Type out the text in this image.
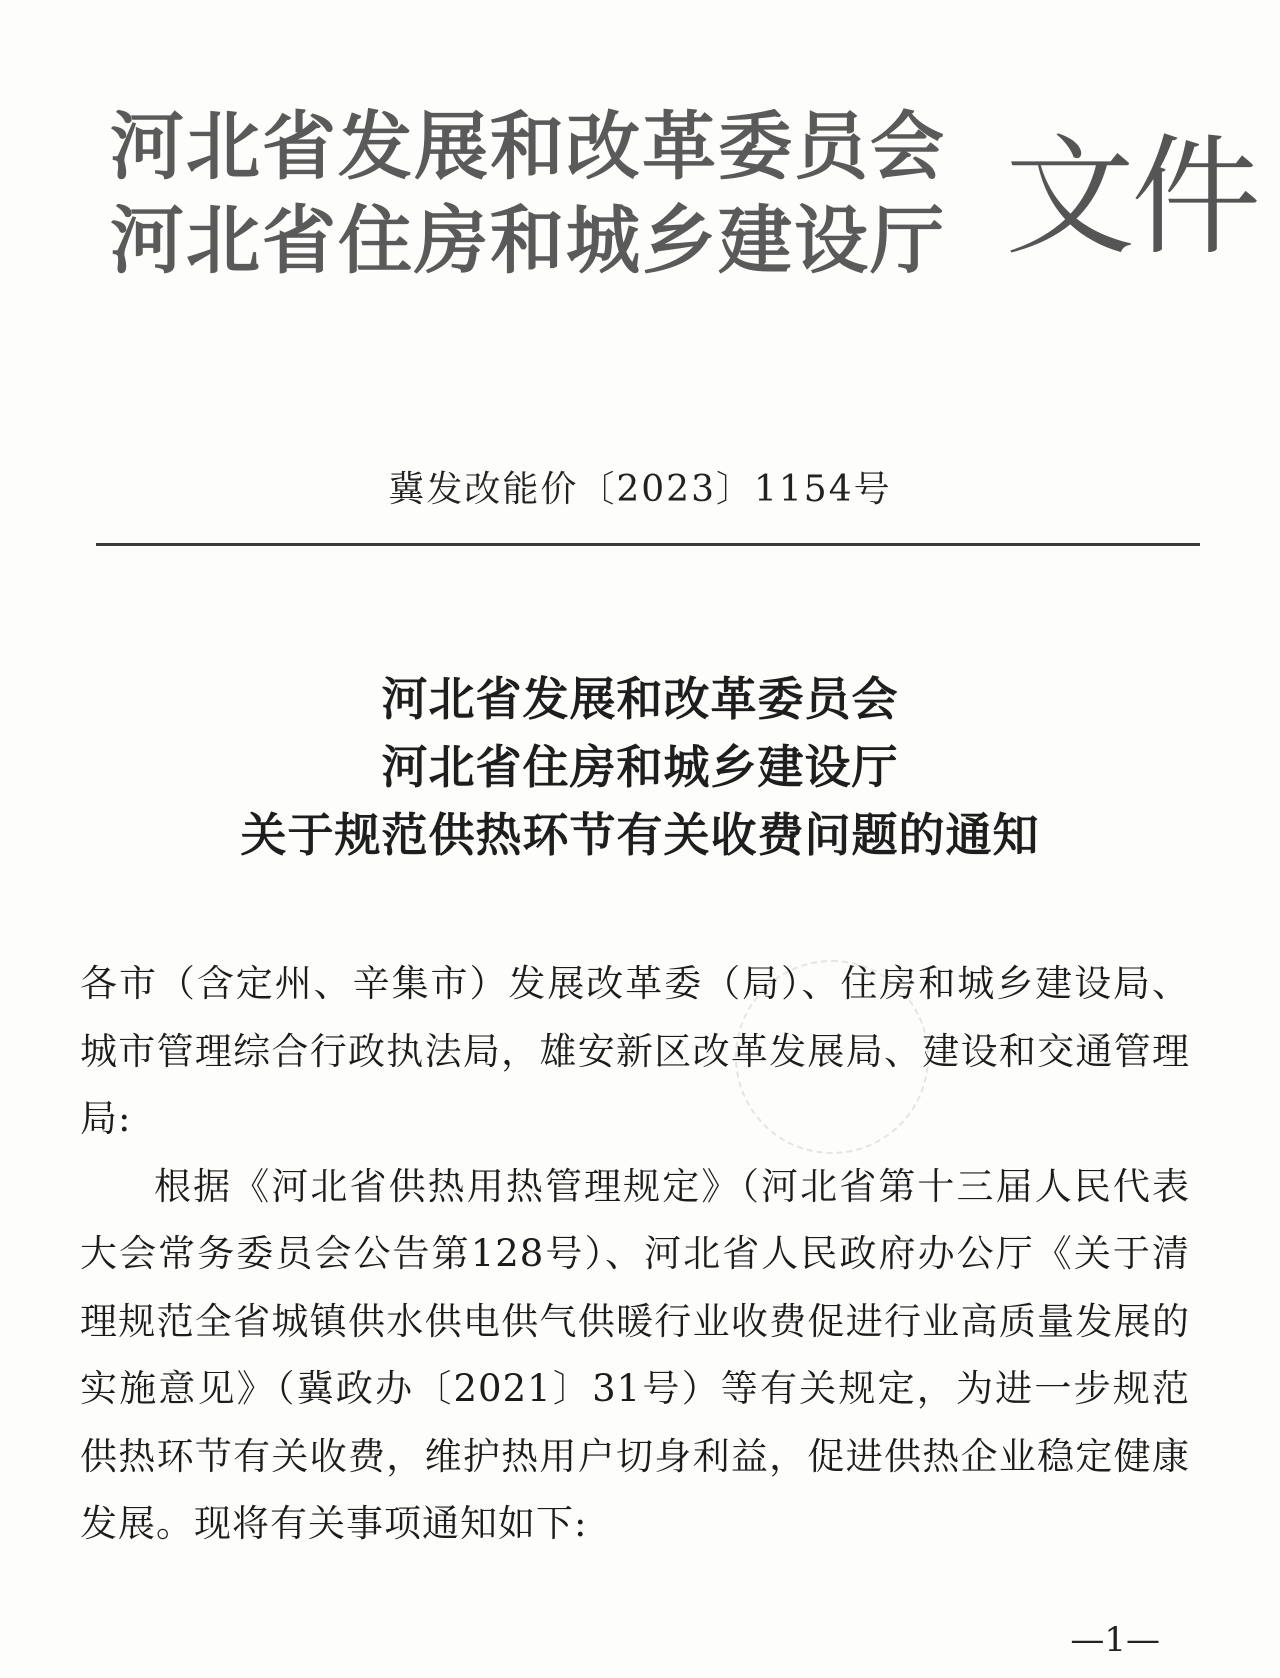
河北省发展和改革委员会
河北省住房和城乡建设厅 文件
冀发改能价〔2023〕1154号
河北省发展和改革委员会
河北省住房和城乡建设厅
关于规范供热环节有关收费问题的通知

各市（含定州、辛集市）发展改革委（局）、住房和城乡建设局、城市管理综合行政执法局，雄安新区改革发展局、建设和交通管理局:

根据《河北省供热用热管理规定》（河北省第十三届人民代表大会常务委员会公告第128号）、河北省人民政府办公厅《关于清理规范全省城镇供水供电供气供暖行业收费促进行业高质量发展的实施意见》（冀政办〔2021〕31号）等有关规定，为进一步规范供热环节有关收费，维护热用户切身利益，促进供热企业稳定健康发展。现将有关事项通知如下:

—1—
